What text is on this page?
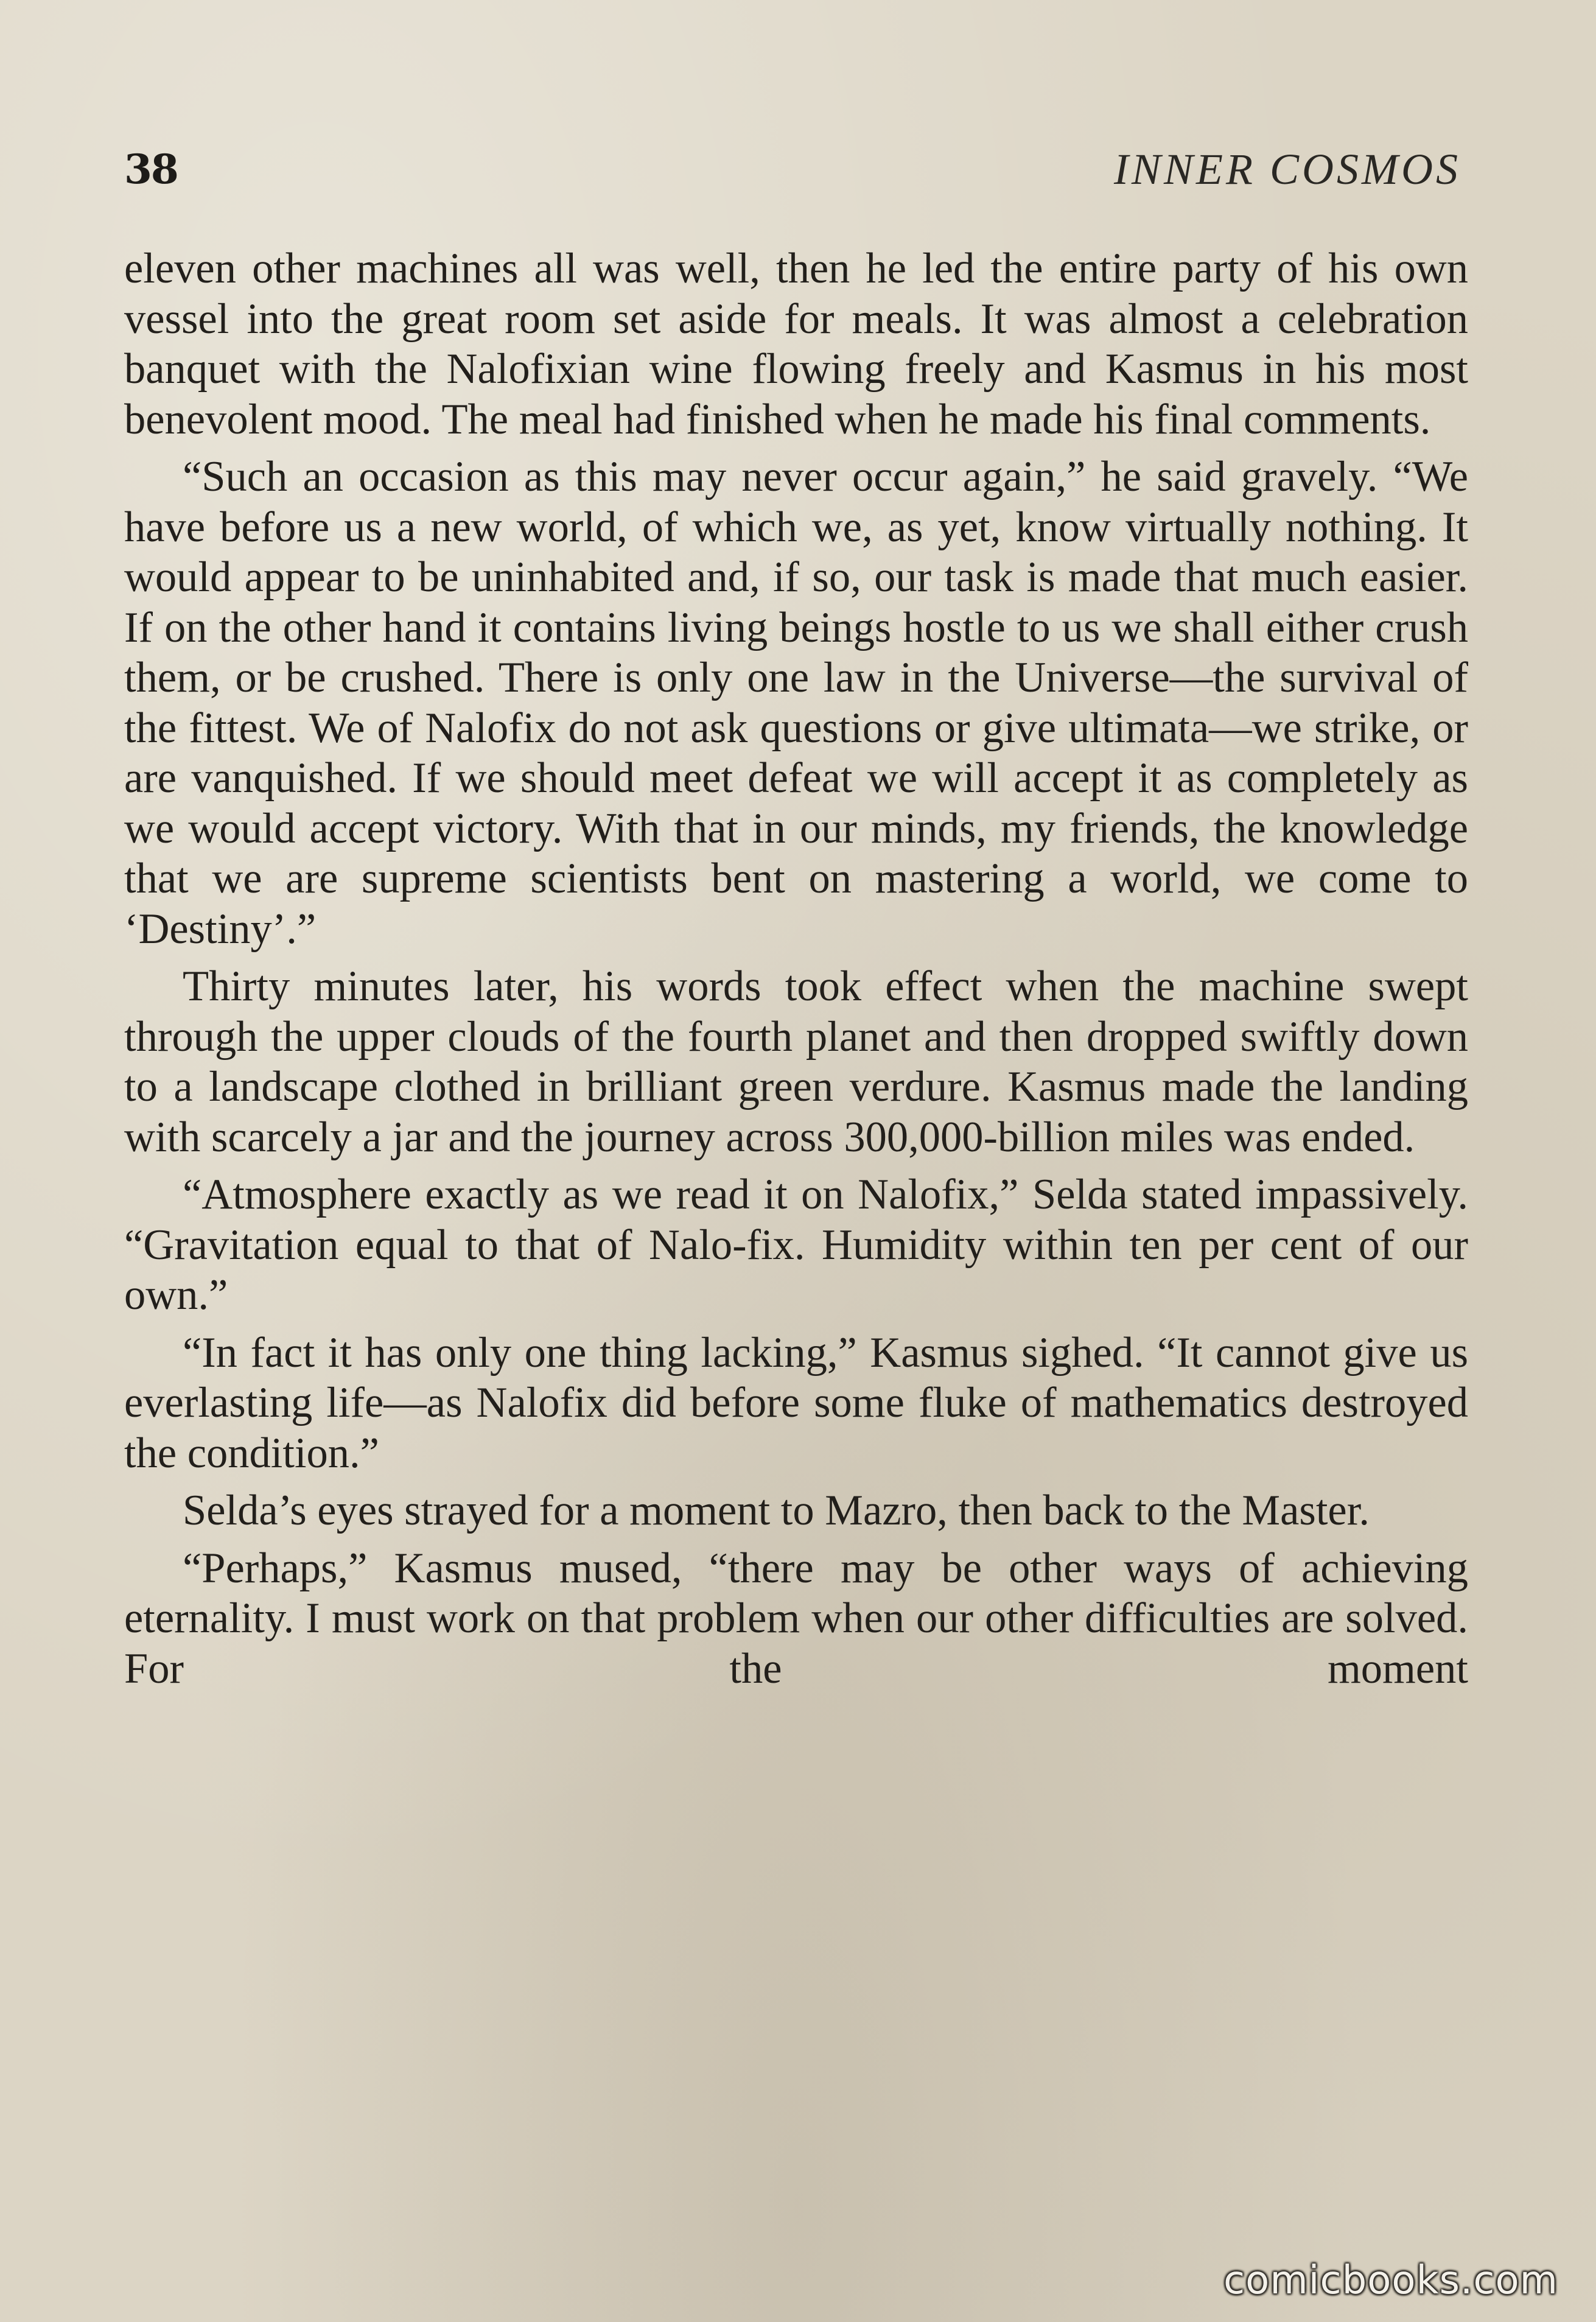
38	INNER COSMOS

eleven other machines all was well, then he led the entire party of his own vessel into the great room set aside for meals. It was almost a celebration banquet with the Nalofixian wine flowing freely and Kasmus in his most benevolent mood. The meal had finished when he made his final comments.

“Such an occasion as this may never occur again,” he said gravely. “We have before us a new world, of which we, as yet, know virtually nothing. It would appear to be uninhabited and, if so, our task is made that much easier. If on the other hand it contains living beings hostle to us we shall either crush them, or be crushed. There is only one law in the Universe—the survival of the fittest. We of Nalofix do not ask questions or give ultimata—we strike, or are vanquished. If we should meet defeat we will accept it as completely as we would accept victory. With that in our minds, my friends, the knowledge that we are supreme scientists bent on mastering a world, we come to ‘Destiny’.”

Thirty minutes later, his words took effect when the machine swept through the upper clouds of the fourth planet and then dropped swiftly down to a landscape clothed in brilliant green verdure. Kasmus made the landing with scarcely a jar and the journey across 300,000-billion miles was ended.

“Atmosphere exactly as we read it on Nalofix,” Selda stated impassively. “Gravitation equal to that of Nalo-fix. Humidity within ten per cent of our own.”

“In fact it has only one thing lacking,” Kasmus sighed. “It cannot give us everlasting life—as Nalofix did before some fluke of mathematics destroyed the condition.”

Selda’s eyes strayed for a moment to Mazro, then back to the Master.

“Perhaps,” Kasmus mused, “there may be other ways of achieving eternality. I must work on that problem when our other difficulties are solved. For the moment

comicbooks.com
